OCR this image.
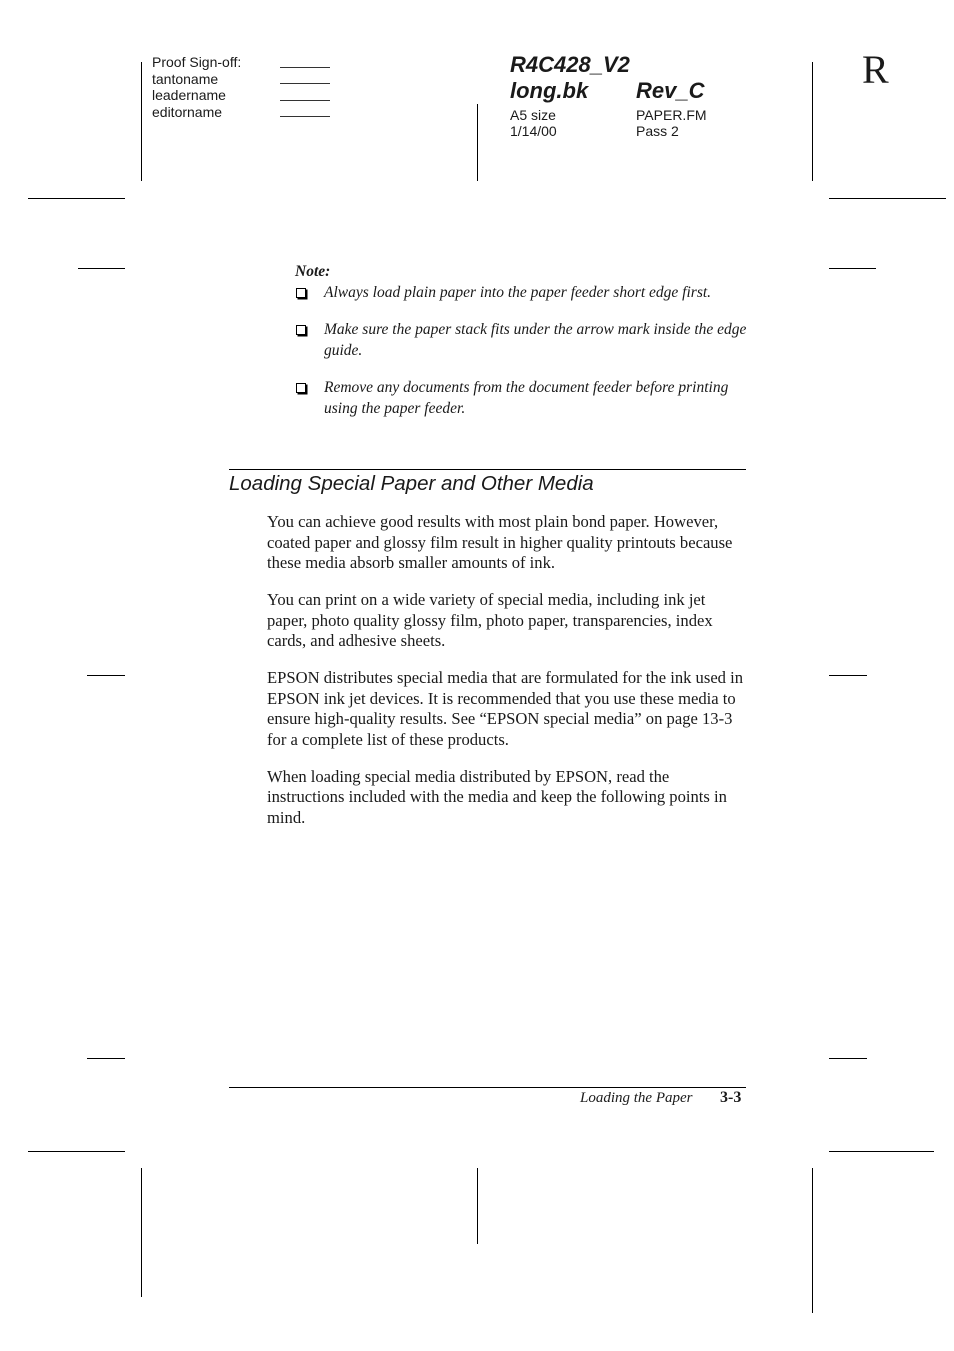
Proof Sign-off:
tantoname
leadername
editorname
R4C428_V2
long.bk Rev_C
A5 size
1/14/00
PAPER.FM
Pass 2
R
Note:
Always load plain paper into the paper feeder short edge first.
Make sure the paper stack fits under the arrow mark inside the edge guide.
Remove any documents from the document feeder before printing using the paper feeder.
Loading Special Paper and Other Media

You can achieve good results with most plain bond paper. However, coated paper and glossy film result in higher quality printouts because these media absorb smaller amounts of ink.

You can print on a wide variety of special media, including ink jet paper, photo quality glossy film, photo paper, transparencies, index cards, and adhesive sheets.

EPSON distributes special media that are formulated for the ink used in EPSON ink jet devices. It is recommended that you use these media to ensure high-quality results. See “EPSON special media” on page 13-3 for a complete list of these products.

When loading special media distributed by EPSON, read the instructions included with the media and keep the following points in mind.

Loading the Paper 3-3
